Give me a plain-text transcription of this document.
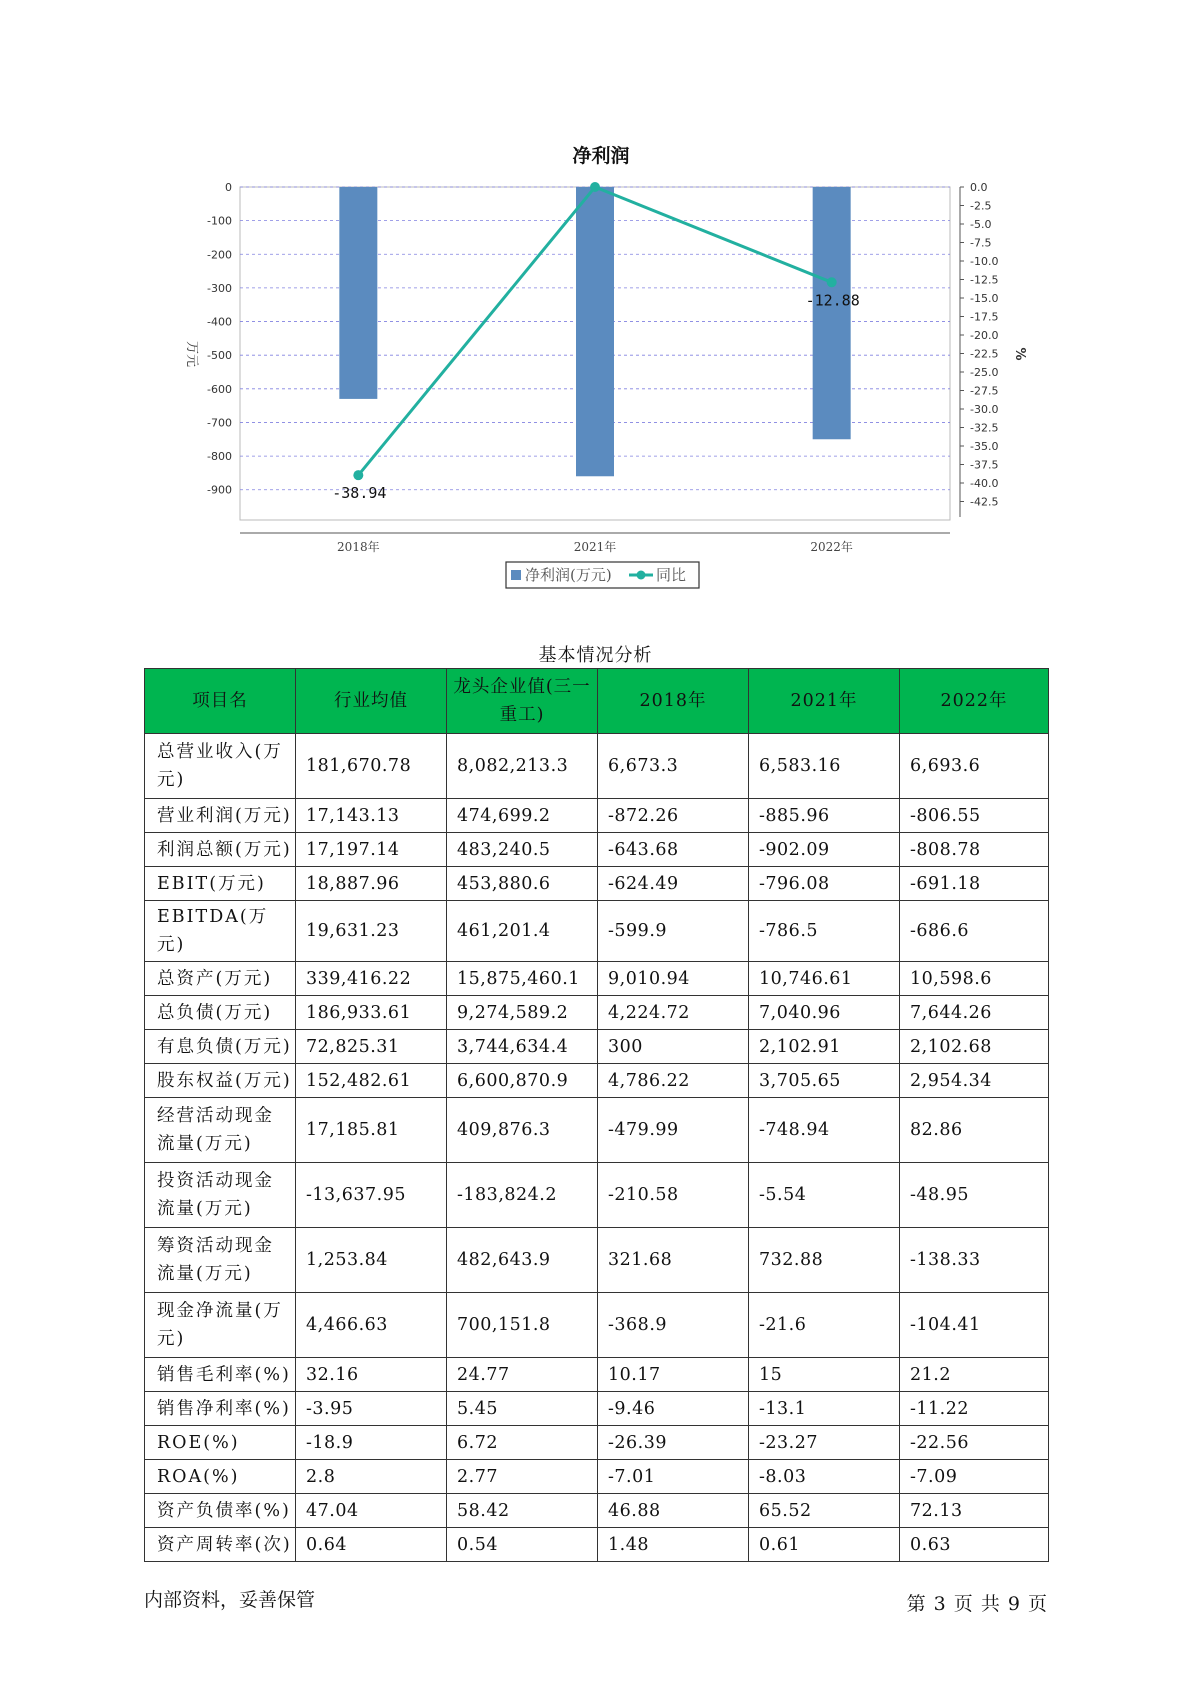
净利润
0
-100
-200
-300
-400
-500
-600
-700
-800
-900
万元
0.0
-2.5
-5.0
-7.5
-10.0
-12.5
-15.0
-17.5
-20.0
-22.5
-25.0
-27.5
-30.0
-32.5
-35.0
-37.5
-40.0
-42.5
%
2018年	2021年	2022年
-38.94
-12.88
净利润(万元)	同比
基本情况分析
项目名	行业均值	龙头企业值(三一重工)	2018年	2021年	2022年
总营业收入(万元)	181,670.78	8,082,213.3	6,673.3	6,583.16	6,693.6
营业利润(万元)	17,143.13	474,699.2	-872.26	-885.96	-806.55
利润总额(万元)	17,197.14	483,240.5	-643.68	-902.09	-808.78
EBIT(万元)	18,887.96	453,880.6	-624.49	-796.08	-691.18
EBITDA(万元)	19,631.23	461,201.4	-599.9	-786.5	-686.6
总资产(万元)	339,416.22	15,875,460.1	9,010.94	10,746.61	10,598.6
总负债(万元)	186,933.61	9,274,589.2	4,224.72	7,040.96	7,644.26
有息负债(万元)	72,825.31	3,744,634.4	300	2,102.91	2,102.68
股东权益(万元)	152,482.61	6,600,870.9	4,786.22	3,705.65	2,954.34
经营活动现金流量(万元)	17,185.81	409,876.3	-479.99	-748.94	82.86
投资活动现金流量(万元)	-13,637.95	-183,824.2	-210.58	-5.54	-48.95
筹资活动现金流量(万元)	1,253.84	482,643.9	321.68	732.88	-138.33
现金净流量(万元)	4,466.63	700,151.8	-368.9	-21.6	-104.41
销售毛利率(%)	32.16	24.77	10.17	15	21.2
销售净利率(%)	-3.95	5.45	-9.46	-13.1	-11.22
ROE(%)	-18.9	6.72	-26.39	-23.27	-22.56
ROA(%)	2.8	2.77	-7.01	-8.03	-7.09
资产负债率(%)	47.04	58.42	46.88	65.52	72.13
资产周转率(次)	0.64	0.54	1.48	0.61	0.63
内部资料，妥善保管	第 3 页 共 9 页
